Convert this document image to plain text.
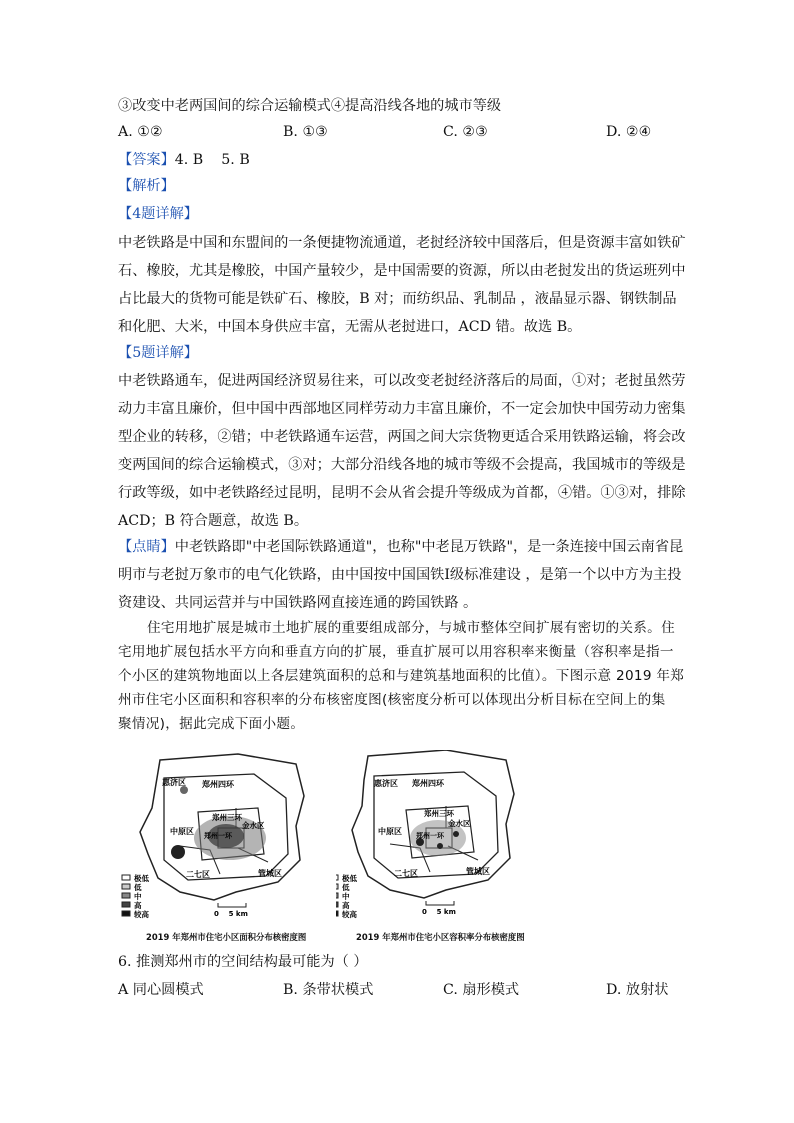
③改变中老两国间的综合运输模式④提高沿线各地的城市等级
A. ①②	B. ①③	C. ②③	D. ②④
【答案】4. B    5. B
【解析】
【4题详解】
中老铁路是中国和东盟间的一条便捷物流通道，老挝经济较中国落后，但是资源丰富如铁矿
石、橡胶，尤其是橡胶，中国产量较少，是中国需要的资源，所以由老挝发出的货运班列中
占比最大的货物可能是铁矿石、橡胶，B 对；而纺织品、乳制品 ，液晶显示器、钢铁制品
和化肥、大米，中国本身供应丰富，无需从老挝进口，ACD 错。故选 B。
【5题详解】
中老铁路通车，促进两国经济贸易往来，可以改变老挝经济落后的局面，①对；老挝虽然劳
动力丰富且廉价，但中国中西部地区同样劳动力丰富且廉价，不一定会加快中国劳动力密集
型企业的转移，②错；中老铁路通车运营，两国之间大宗货物更适合采用铁路运输，将会改
变两国间的综合运输模式，③对；大部分沿线各地的城市等级不会提高，我国城市的等级是
行政等级，如中老铁路经过昆明，昆明不会从省会提升等级成为首都，④错。①③对，排除
ACD；B 符合题意，故选 B。
【点睛】中老铁路即"中老国际铁路通道"，也称"中老昆万铁路"，是一条连接中国云南省昆
明市与老挝万象市的电气化铁路，由中国按中国国铁Ⅰ级标准建设 ，是第一个以中方为主投
资建设、共同运营并与中国铁路网直接连通的跨国铁路 。
住宅用地扩展是城市土地扩展的重要组成部分，与城市整体空间扩展有密切的关系。住
宅用地扩展包括水平方向和垂直方向的扩展，垂直扩展可以用容积率来衡量（容积率是指一
个小区的建筑物地面以上各层建筑面积的总和与建筑基地面积的比值）。下图示意 2019 年郑
州市住宅小区面积和容积率的分布核密度图(核密度分析可以体现出分析目标在空间上的集
聚情况)，据此完成下面小题。
惠济区 郑州四环
郑州三环
中原区
金水区
郑州一环
二七区	管城区
极低
低
中
高
较高	0    5 km
2019 年郑州市住宅小区面积分布核密度图
惠济区 郑州四环
郑州三环
中原区
金水区
郑州一环
二七区	管城区
极低
低
中
高
较高	0    5 km
2019 年郑州市住宅小区容积率分布核密度图
6. 推测郑州市的空间结构最可能为（ ）
A 同心圆模式	B. 条带状模式	C. 扇形模式	D. 放射状
